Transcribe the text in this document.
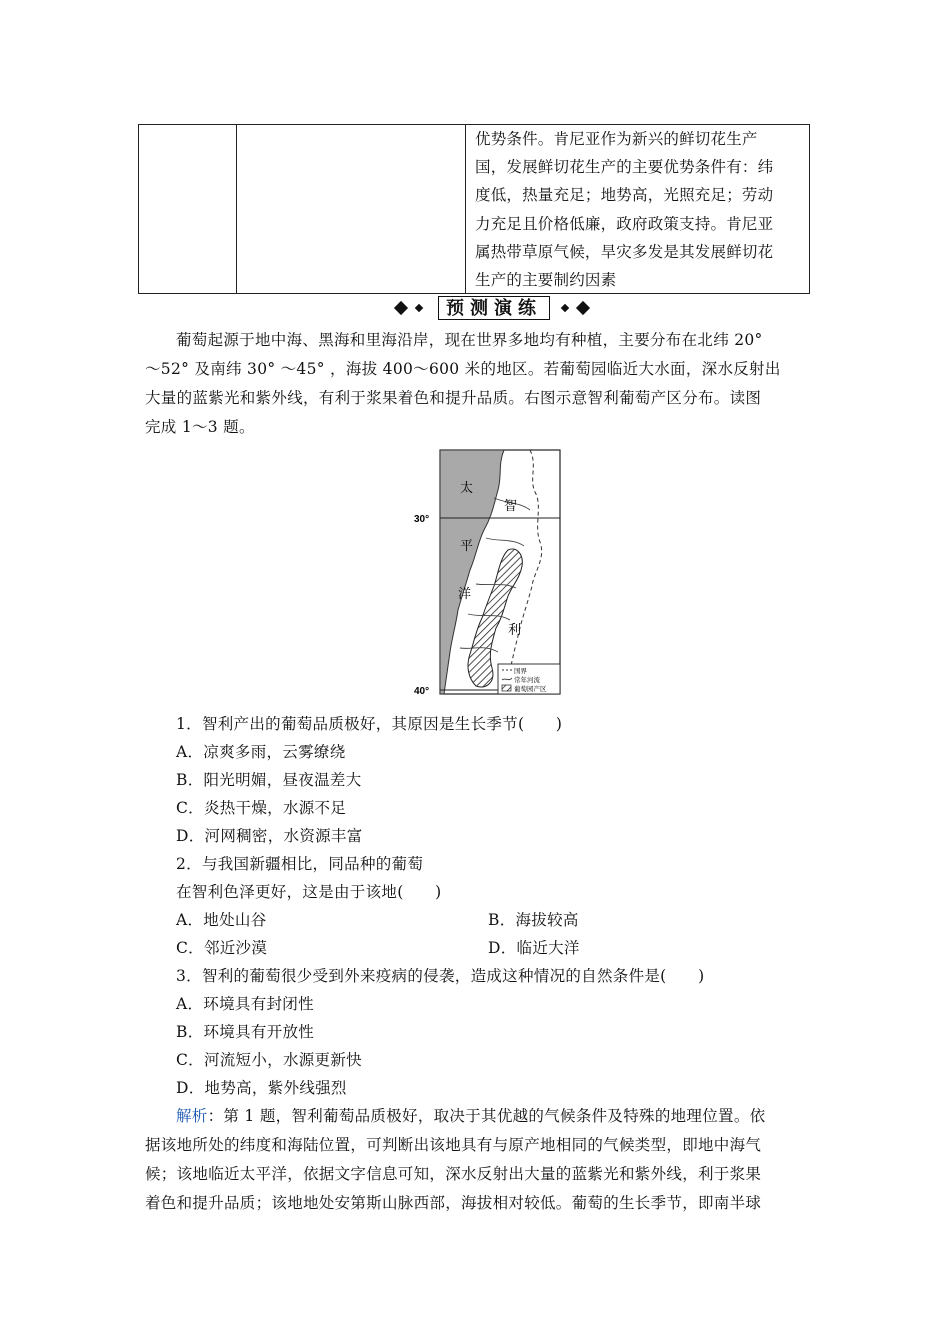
优势条件。肯尼亚作为新兴的鲜切花生产
国，发展鲜切花生产的主要优势条件有：纬
度低，热量充足；地势高，光照充足；劳动
力充足且价格低廉，政府政策支持。肯尼亚
属热带草原气候，旱灾多发是其发展鲜切花
生产的主要制约因素
预测演练
葡萄起源于地中海、黑海和里海沿岸，现在世界多地均有种植，主要分布在北纬 20°
～52° 及南纬 30° ～45° ，海拔 400～600 米的地区。若葡萄园临近大水面，深水反射出
大量的蓝紫光和紫外线，有利于浆果着色和提升品质。右图示意智利葡萄产区分布。读图
完成 1～3 题。
30°
40°
太
平
洋
智
利
国界
常年河流
葡萄园产区
1．智利产出的葡萄品质极好，其原因是生长季节(　　)
A．凉爽多雨，云雾缭绕
B．阳光明媚，昼夜温差大
C．炎热干燥，水源不足
D．河网稠密，水资源丰富
2．与我国新疆相比，同品种的葡萄
在智利色泽更好，这是由于该地(　　)
A．地处山谷	B．海拔较高
C．邻近沙漠	D．临近大洋
3．智利的葡萄很少受到外来疫病的侵袭，造成这种情况的自然条件是(　　)
A．环境具有封闭性
B．环境具有开放性
C．河流短小，水源更新快
D．地势高，紫外线强烈
解析：第 1 题，智利葡萄品质极好，取决于其优越的气候条件及特殊的地理位置。依
据该地所处的纬度和海陆位置，可判断出该地具有与原产地相同的气候类型，即地中海气
候；该地临近太平洋，依据文字信息可知，深水反射出大量的蓝紫光和紫外线，利于浆果
着色和提升品质；该地地处安第斯山脉西部，海拔相对较低。葡萄的生长季节，即南半球
